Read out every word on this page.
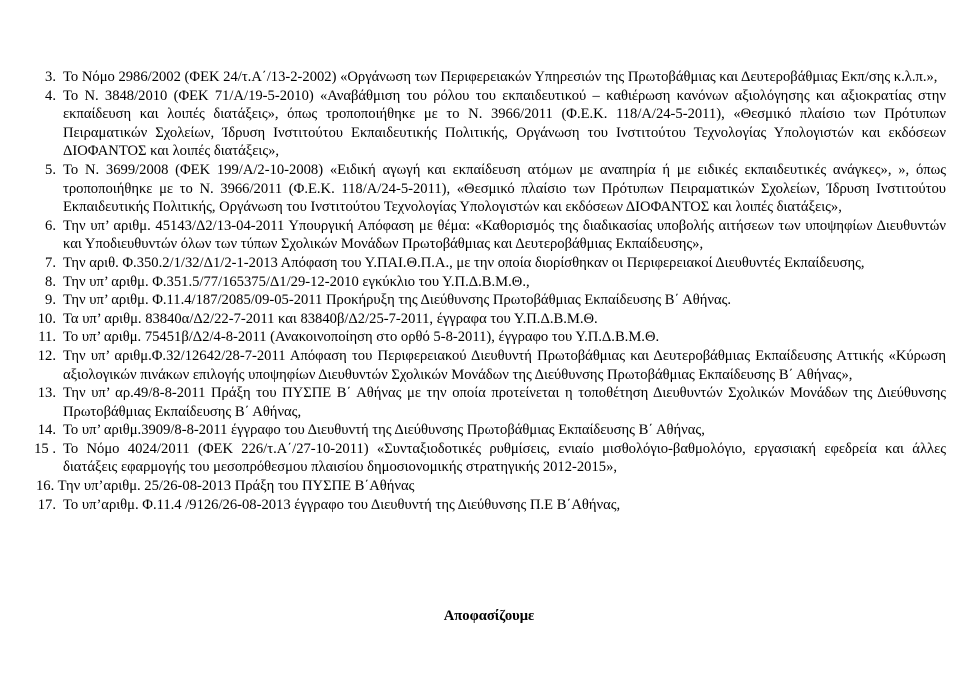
3. Το Νόμο 2986/2002 (ΦΕΚ 24/τ.Α΄/13-2-2002) «Οργάνωση των Περιφερειακών Υπηρεσιών της Πρωτοβάθμιας και Δευτεροβάθμιας Εκπ/σης κ.λ.π.»,

4. Το Ν. 3848/2010 (ΦΕΚ 71/Α/19-5-2010) «Αναβάθμιση του ρόλου του εκπαιδευτικού – καθιέρωση κανόνων αξιολόγησης και αξιοκρατίας στην εκπαίδευση και λοιπές διατάξεις», όπως τροποποιήθηκε με το Ν. 3966/2011 (Φ.Ε.Κ. 118/Α/24-5-2011), «Θεσμικό πλαίσιο των Πρότυπων Πειραματικών Σχολείων, Ίδρυση Ινστιτούτου Εκπαιδευτικής Πολιτικής, Οργάνωση του Ινστιτούτου Τεχνολογίας Υπολογιστών και εκδόσεων ΔΙΟΦΑΝΤΟΣ και λοιπές διατάξεις»,

5. Το Ν. 3699/2008 (ΦΕΚ 199/Α/2-10-2008) «Ειδική αγωγή και εκπαίδευση ατόμων με αναπηρία ή με ειδικές εκπαιδευτικές ανάγκες», », όπως τροποποιήθηκε με το Ν. 3966/2011 (Φ.Ε.Κ. 118/Α/24-5-2011), «Θεσμικό πλαίσιο των Πρότυπων Πειραματικών Σχολείων, Ίδρυση Ινστιτούτου Εκπαιδευτικής Πολιτικής, Οργάνωση του Ινστιτούτου Τεχνολογίας Υπολογιστών και εκδόσεων ΔΙΟΦΑΝΤΟΣ και λοιπές διατάξεις»,

6. Την υπ’ αριθμ. 45143/Δ2/13-04-2011 Υπουργική Απόφαση με θέμα: «Καθορισμός της διαδικασίας υποβολής αιτήσεων των υποψηφίων Διευθυντών και Υποδιευθυντών όλων των τύπων Σχολικών Μονάδων Πρωτοβάθμιας και Δευτεροβάθμιας Εκπαίδευσης»,

7. Την αριθ. Φ.350.2/1/32/Δ1/2-1-2013 Απόφαση του Υ.ΠΑΙ.Θ.Π.Α., με την οποία διορίσθηκαν οι Περιφερειακοί Διευθυντές Εκπαίδευσης,

8. Την υπ’ αριθμ. Φ.351.5/77/165375/Δ1/29-12-2010 εγκύκλιο του Υ.Π.Δ.Β.Μ.Θ.,

9. Την υπ’ αριθμ. Φ.11.4/187/2085/09-05-2011 Προκήρυξη της Διεύθυνσης Πρωτοβάθμιας Εκπαίδευσης Β΄ Αθήνας.

10. Τα υπ’ αριθμ. 83840α/Δ2/22-7-2011 και 83840β/Δ2/25-7-2011, έγγραφα του Υ.Π.Δ.Β.Μ.Θ.

11. Το υπ’ αριθμ. 75451β/Δ2/4-8-2011 (Ανακοινοποίηση στο ορθό 5-8-2011), έγγραφο του Υ.Π.Δ.Β.Μ.Θ.

12. Την υπ’ αριθμ.Φ.32/12642/28-7-2011 Απόφαση του Περιφερειακού Διευθυντή Πρωτοβάθμιας και Δευτεροβάθμιας Εκπαίδευσης Αττικής «Κύρωση αξιολογικών πινάκων επιλογής υποψηφίων Διευθυντών Σχολικών Μονάδων της Διεύθυνσης Πρωτοβάθμιας Εκπαίδευσης Β΄ Αθήνας»,

13. Την υπ’ αρ.49/8-8-2011 Πράξη του ΠΥΣΠΕ Β΄ Αθήνας με την οποία προτείνεται η τοποθέτηση Διευθυντών Σχολικών Μονάδων της Διεύθυνσης Πρωτοβάθμιας Εκπαίδευσης Β΄ Αθήνας,

14. Το υπ’ αριθμ.3909/8-8-2011 έγγραφο του Διευθυντή της Διεύθυνσης Πρωτοβάθμιας Εκπαίδευσης Β΄ Αθήνας,

15 . Το Νόμο 4024/2011 (ΦΕΚ 226/τ.Α΄/27-10-2011) «Συνταξιοδοτικές ρυθμίσεις, ενιαίο μισθολόγιο-βαθμολόγιο, εργασιακή εφεδρεία και άλλες διατάξεις εφαρμογής του μεσοπρόθεσμου πλαισίου δημοσιονομικής στρατηγικής 2012-2015»,

16. Την υπ’αριθμ. 25/26-08-2013 Πράξη του ΠΥΣΠΕ Β΄Αθήνας

17. Το υπ’αριθμ. Φ.11.4 /9126/26-08-2013 έγγραφο του Διευθυντή της Διεύθυνσης Π.Ε Β΄Αθήνας,

Αποφασίζουμε
